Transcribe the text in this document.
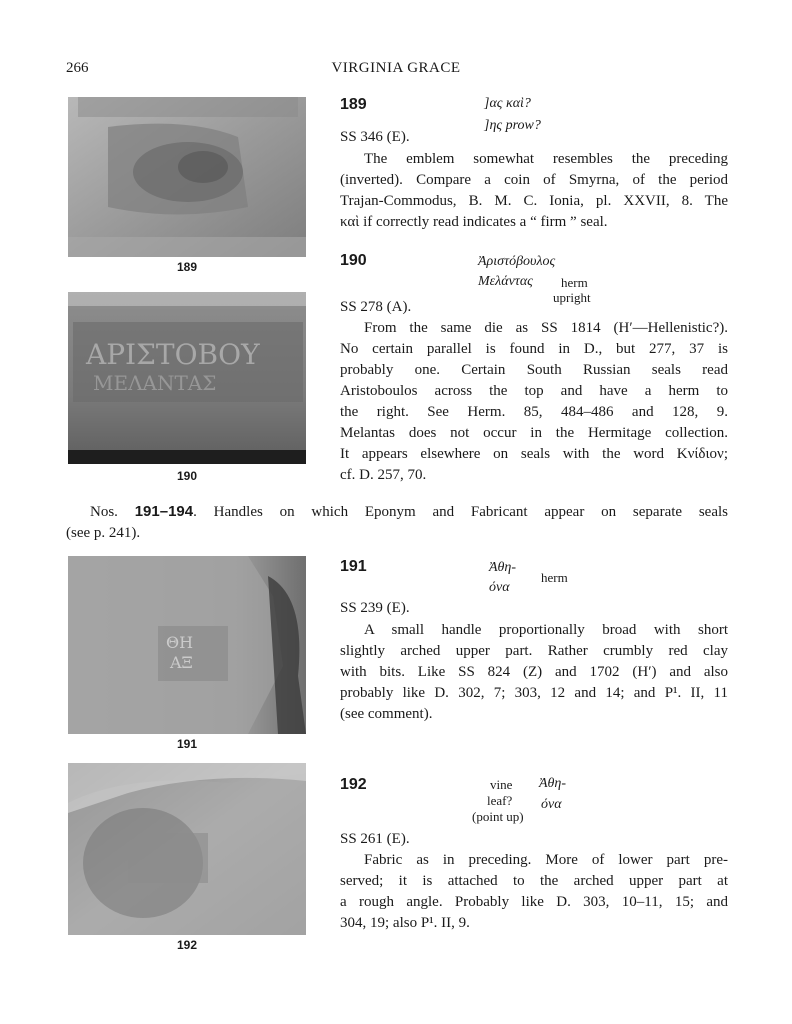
266	VIRGINIA GRACE
189
ΑΡΙΣΤΟΒΟΥ
ΜΕΛΑΝΤΑΣ
190
ΘΗ
ΑΞ
191
192
189	]ας καὶ?
]ης prow?
SS 346 (E).

The emblem somewhat resembles the preceding

(inverted). Compare a coin of Smyrna, of the period

Trajan-Commodus, B. M. C. Ionia, pl. XXVII, 8. The

καὶ if correctly read indicates a “ firm ” seal.

190	Ἀριστόβουλος
Μελάντας herm
upright
SS 278 (A).

From the same die as SS 1814 (H′—Hellenistic?).

No certain parallel is found in D., but 277, 37 is

probably one. Certain South Russian seals read

Aristoboulos across the top and have a herm to

the right. See Herm. 85, 484–486 and 128, 9.

Melantas does not occur in the Hermitage collection.

It appears elsewhere on seals with the word Κνίδιον;

cf. D. 257, 70.

Nos. 191–194. Handles on which Eponym and Fabricant appear on separate seals

(see p. 241).

191	Ἀθη-
όνα
herm
SS 239 (E).

A small handle proportionally broad with short

slightly arched upper part. Rather crumbly red clay

with bits. Like SS 824 (Z) and 1702 (H′) and also

probably like D. 302, 7; 303, 12 and 14; and P¹. II, 11

(see comment).

192	vine
leaf?
(point up)
Ἀθη-
όνα
SS 261 (E).

Fabric as in preceding. More of lower part pre-

served; it is attached to the arched upper part at

a rough angle. Probably like D. 303, 10–11, 15; and

304, 19; also P¹. II, 9.
